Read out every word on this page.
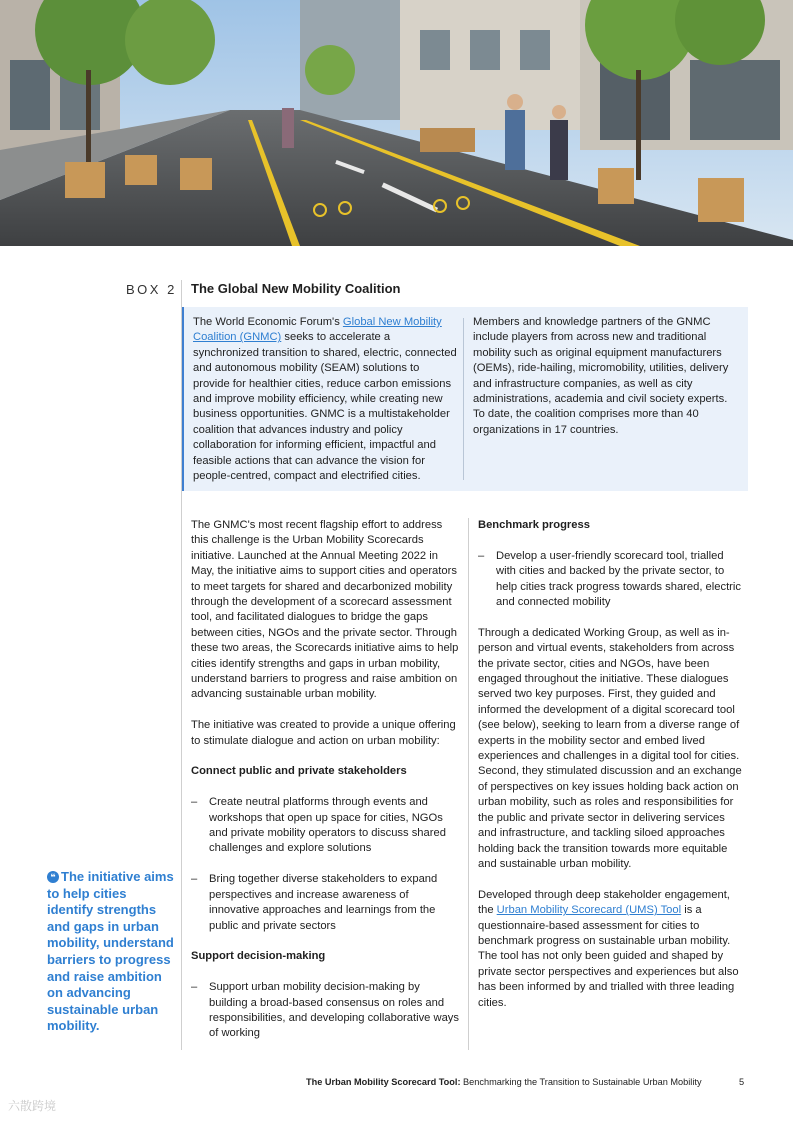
BOX 2 The Global New Mobility Coalition
The World Economic Forum's Global New Mobility Coalition (GNMC) seeks to accelerate a synchronized transition to shared, electric, connected and autonomous mobility (SEAM) solutions to provide for healthier cities, reduce carbon emissions and improve mobility efficiency, while creating new business opportunities. GNMC is a multistakeholder coalition that advances industry and policy collaboration for informing efficient, impactful and feasible actions that can advance the vision for people-centred, compact and electrified cities.
Members and knowledge partners of the GNMC include players from across new and traditional mobility such as original equipment manufacturers (OEMs), ride-hailing, micromobility, utilities, delivery and infrastructure companies, as well as city administrations, academia and civil society experts. To date, the coalition comprises more than 40 organizations in 17 countries.

The GNMC's most recent flagship effort to address this challenge is the Urban Mobility Scorecards initiative. Launched at the Annual Meeting 2022 in May, the initiative aims to support cities and operators to meet targets for shared and decarbonized mobility through the development of a scorecard assessment tool, and facilitated dialogues to bridge the gaps between cities, NGOs and the private sector. Through these two areas, the Scorecards initiative aims to help cities identify strengths and gaps in urban mobility, understand barriers to progress and raise ambition on advancing sustainable urban mobility.

The initiative was created to provide a unique offering to stimulate dialogue and action on urban mobility:

Connect public and private stakeholders
– Create neutral platforms through events and workshops that open up space for cities, NGOs and private mobility operators to discuss shared challenges and explore solutions
– Bring together diverse stakeholders to expand perspectives and increase awareness of innovative approaches and learnings from the public and private sectors
Support decision-making
– Support urban mobility decision-making by building a broad-based consensus on roles and responsibilities, and developing collaborative ways of working
Benchmark progress
– Develop a user-friendly scorecard tool, trialled with cities and backed by the private sector, to help cities track progress towards shared, electric and connected mobility

Through a dedicated Working Group, as well as in-person and virtual events, stakeholders from across the private sector, cities and NGOs, have been engaged throughout the initiative. These dialogues served two key purposes. First, they guided and informed the development of a digital scorecard tool (see below), seeking to learn from a diverse range of experts in the mobility sector and embed lived experiences and challenges in a digital tool for cities. Second, they stimulated discussion and an exchange of perspectives on key issues holding back action on urban mobility, such as roles and responsibilities for the public and private sector in delivering services and infrastructure, and tackling siloed approaches holding back the transition towards more equitable and sustainable urban mobility.

Developed through deep stakeholder engagement, the Urban Mobility Scorecard (UMS) Tool is a questionnaire-based assessment for cities to benchmark progress on sustainable urban mobility. The tool has not only been guided and shaped by private sector perspectives and experiences but also has been informed by and trialled with three leading cities.

❝ The initiative aims to help cities identify strengths and gaps in urban mobility, understand barriers to progress and raise ambition on advancing sustainable urban mobility.
The Urban Mobility Scorecard Tool: Benchmarking the Transition to Sustainable Urban Mobility	5
六散跨境
